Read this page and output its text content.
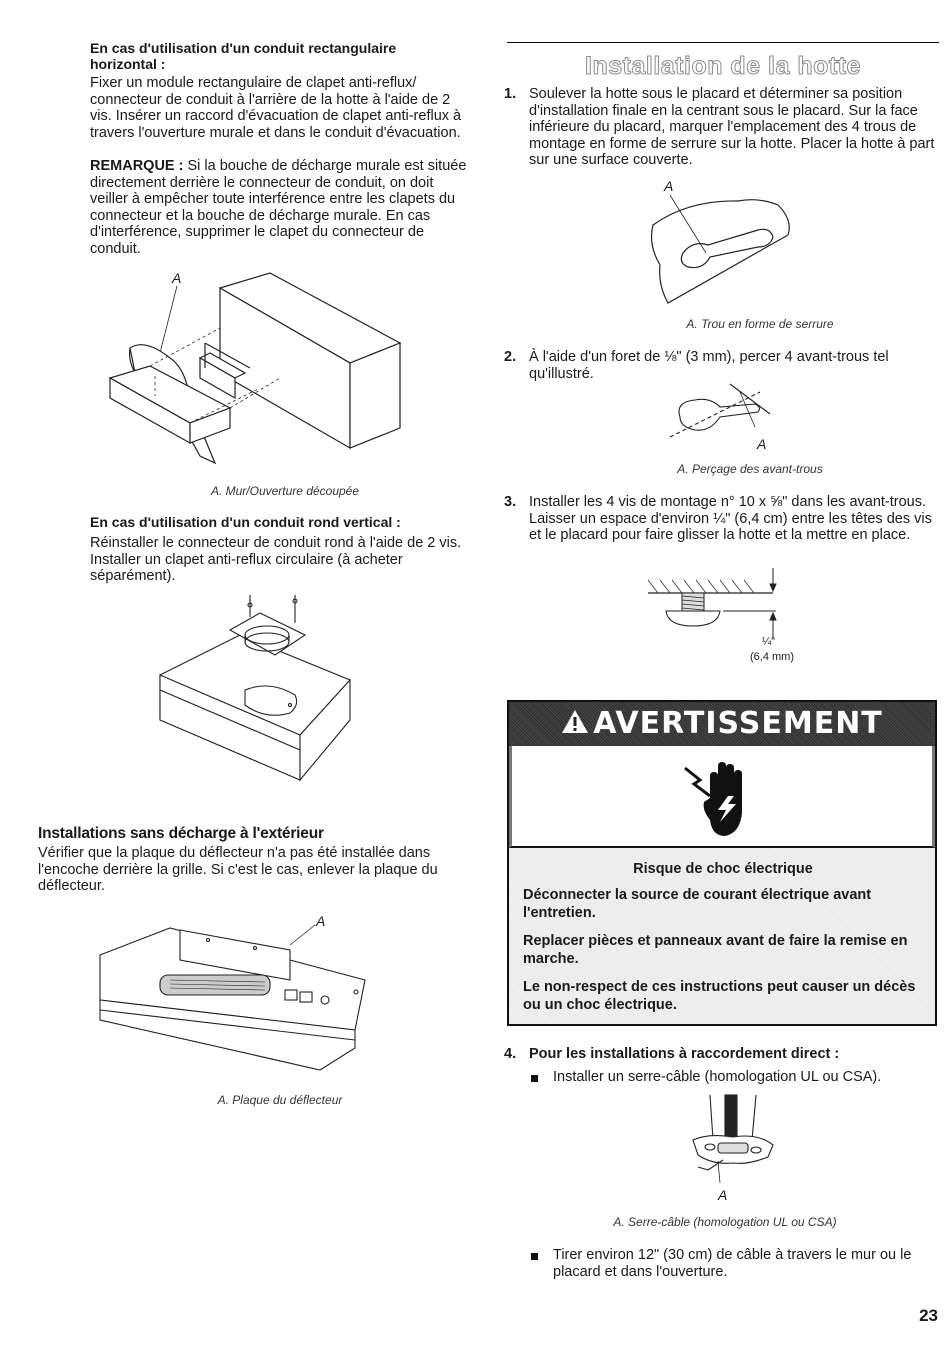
En cas d'utilisation d'un conduit rectangulaire horizontal :
Fixer un module rectangulaire de clapet anti-reflux/ connecteur de conduit à l'arrière de la hotte à l'aide de 2 vis. Insérer un raccord d'évacuation de clapet anti-reflux à travers l'ouverture murale et dans le conduit d'évacuation.
REMARQUE : Si la bouche de décharge murale est située directement derrière le connecteur de conduit, on doit veiller à empêcher toute interférence entre les clapets du connecteur et la bouche de décharge murale. En cas d'interférence, supprimer le clapet du connecteur de conduit.
A
A. Mur/Ouverture découpée
En cas d'utilisation d'un conduit rond vertical :
Réinstaller le connecteur de conduit rond à l'aide de 2 vis. Installer un clapet anti-reflux circulaire (à acheter séparément).
Installations sans décharge à l'extérieur
Vérifier que la plaque du déflecteur n'a pas été installée dans l'encoche derrière la grille. Si c'est le cas, enlever la plaque du déflecteur.
A
A. Plaque du déflecteur
Installation de la hotte
1. Soulever la hotte sous le placard et déterminer sa position d'installation finale en la centrant sous le placard. Sur la face inférieure du placard, marquer l'emplacement des 4 trous de montage en forme de serrure sur la hotte. Placer la hotte à part sur une surface couverte.
A
A. Trou en forme de serrure
2. À l'aide d'un foret de ⅛" (3 mm), percer 4 avant-trous tel qu'illustré.
A
A. Perçage des avant-trous
3. Installer les 4 vis de montage n° 10 x ⅝" dans les avant-trous. Laisser un espace d'environ ¼" (6,4 cm) entre les têtes des vis et le placard pour faire glisser la hotte et la mettre en place.
¼"
(6,4 mm)
AVERTISSEMENT
Risque de choc électrique
Déconnecter la source de courant électrique avant l'entretien.
Replacer pièces et panneaux avant de faire la remise en marche.
Le non-respect de ces instructions peut causer un décès ou un choc électrique.
4. Pour les installations à raccordement direct :
Installer un serre-câble (homologation UL ou CSA).
A
A. Serre-câble (homologation UL ou CSA)
Tirer environ 12" (30 cm) de câble à travers le mur ou le placard et dans l'ouverture.
23
